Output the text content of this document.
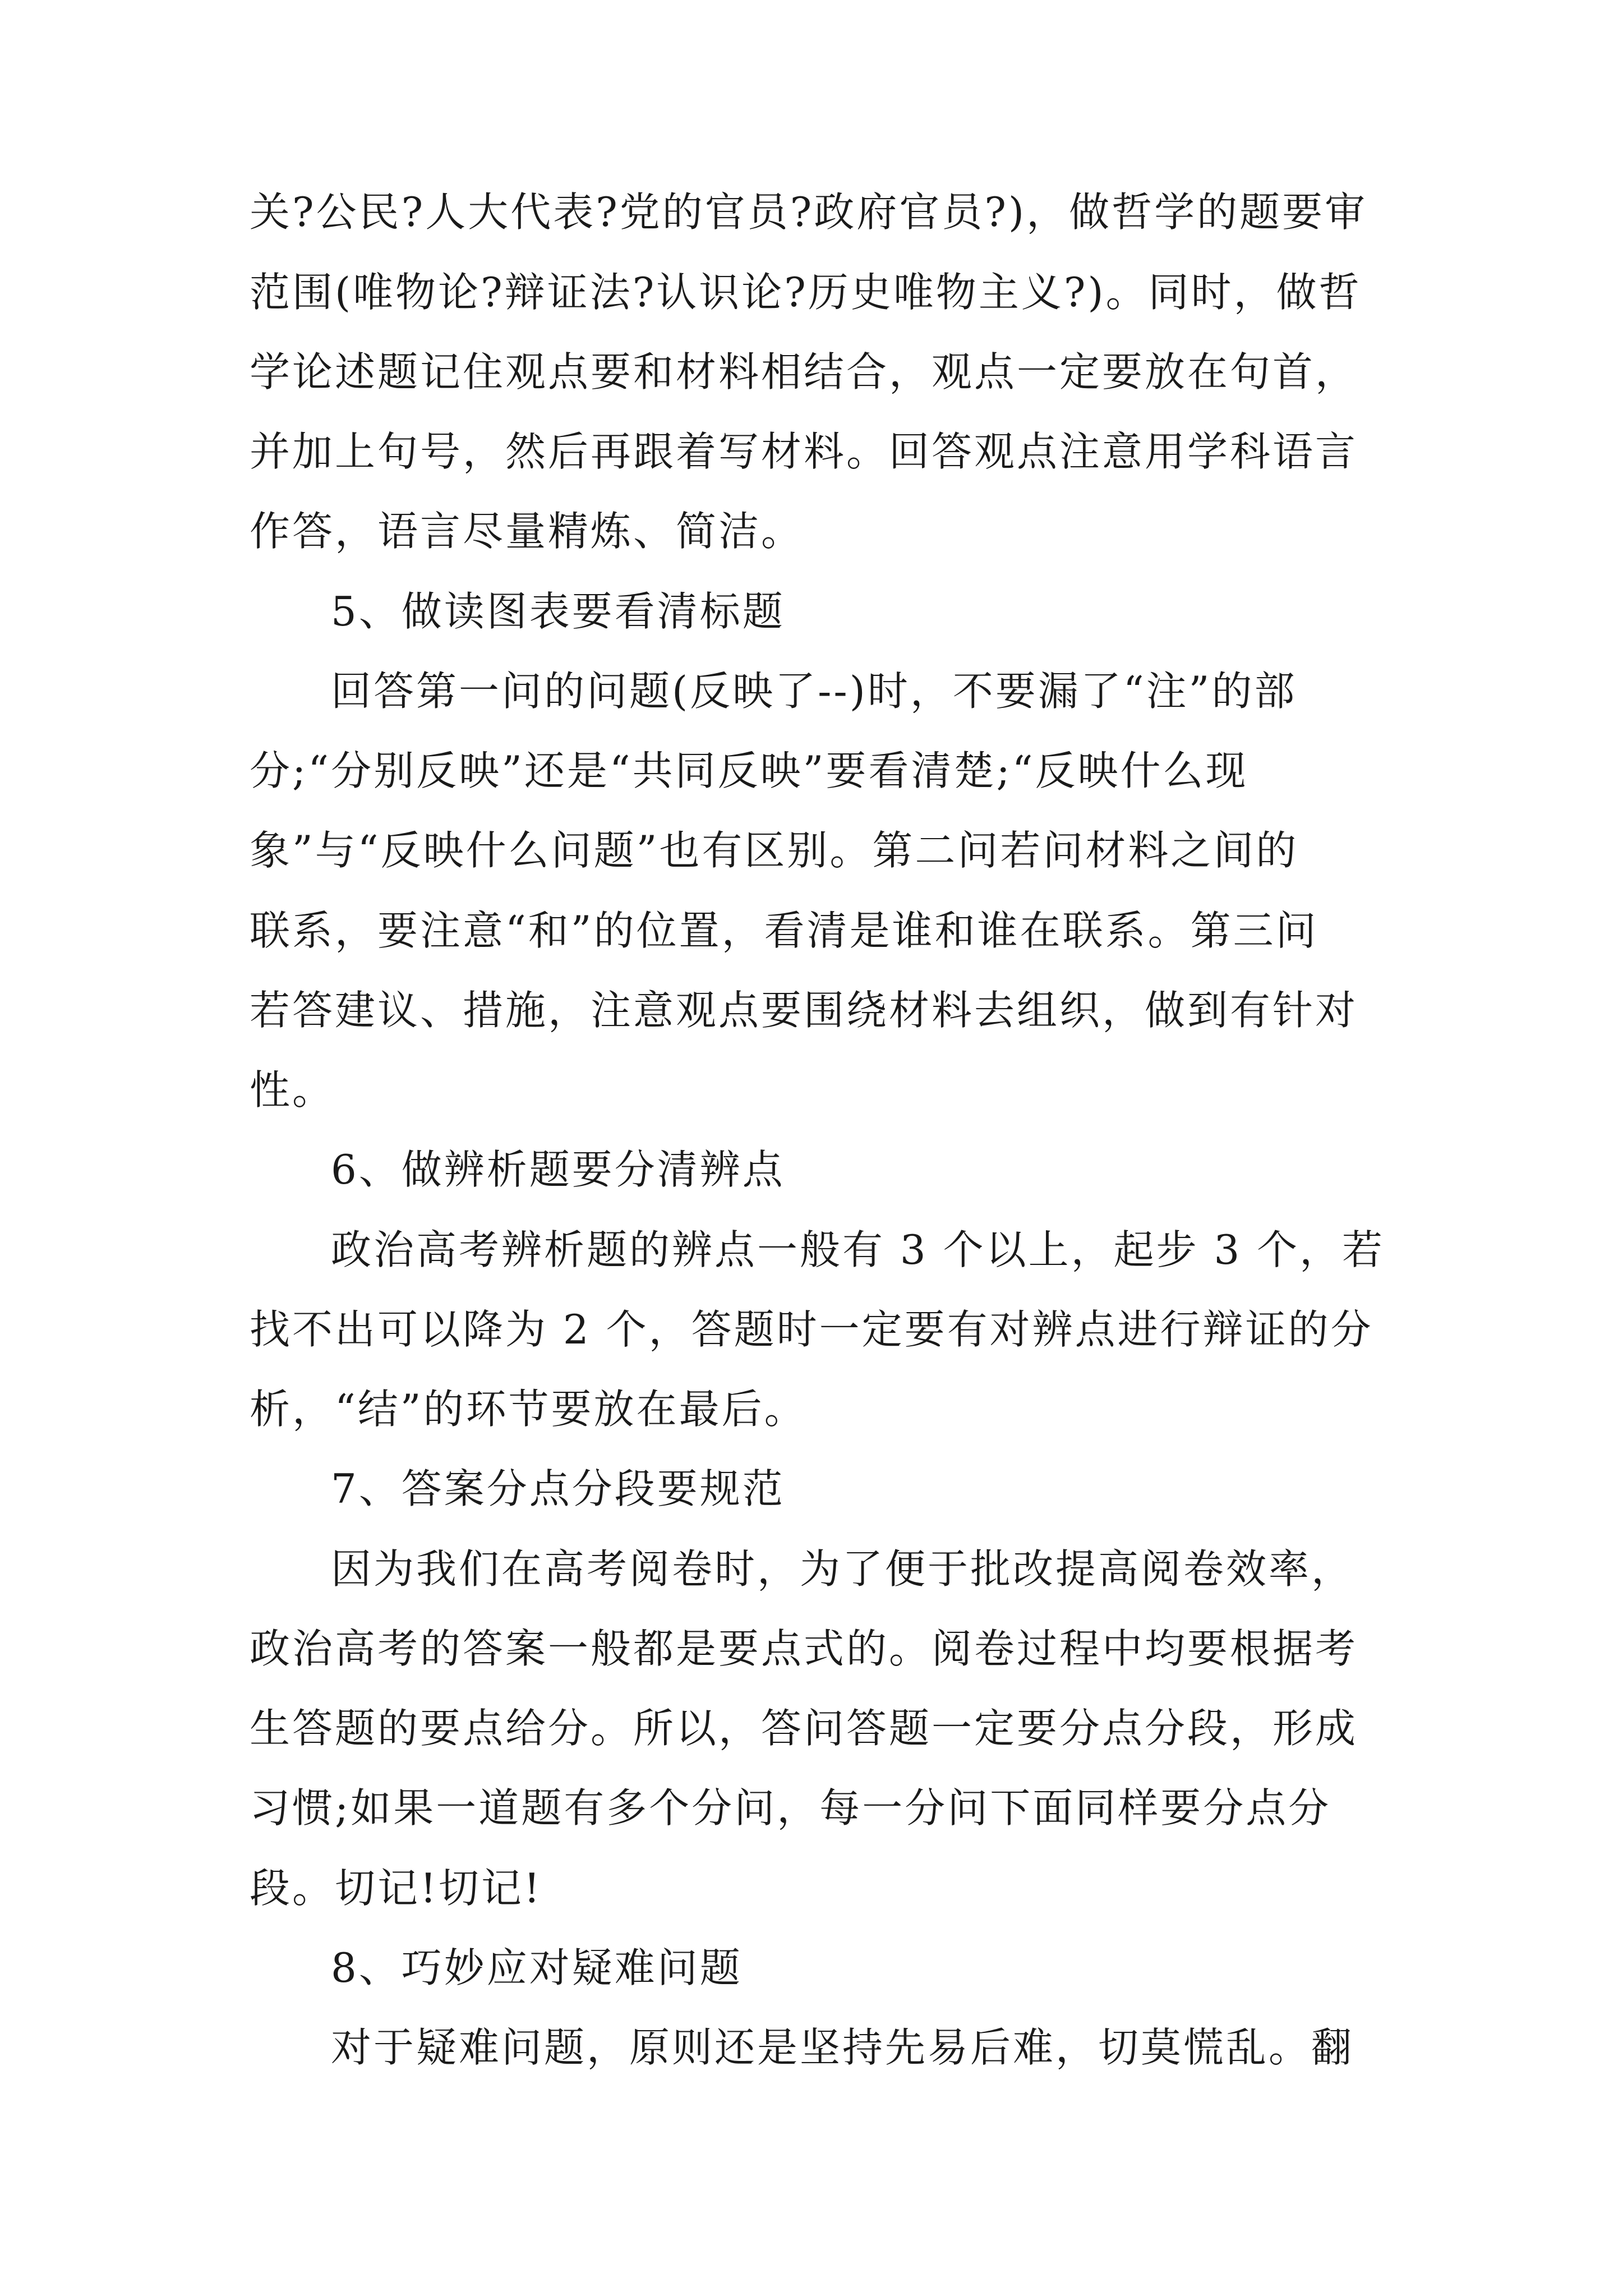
关?公民?人大代表?党的官员?政府官员?)，做哲学的题要审
范围(唯物论?辩证法?认识论?历史唯物主义?)。同时，做哲
学论述题记住观点要和材料相结合，观点一定要放在句首，
并加上句号，然后再跟着写材料。回答观点注意用学科语言
作答，语言尽量精炼、简洁。
5、做读图表要看清标题
回答第一问的问题(反映了--)时，不要漏了“注”的部
分;“分别反映”还是“共同反映”要看清楚;“反映什么现
象”与“反映什么问题”也有区别。第二问若问材料之间的
联系，要注意“和”的位置，看清是谁和谁在联系。第三问
若答建议、措施，注意观点要围绕材料去组织，做到有针对
性。
6、做辨析题要分清辨点
政治高考辨析题的辨点一般有 3 个以上，起步 3 个，若
找不出可以降为 2 个，答题时一定要有对辨点进行辩证的分
析，“结”的环节要放在最后。
7、答案分点分段要规范
因为我们在高考阅卷时，为了便于批改提高阅卷效率，
政治高考的答案一般都是要点式的。阅卷过程中均要根据考
生答题的要点给分。所以，答问答题一定要分点分段，形成
习惯;如果一道题有多个分问，每一分问下面同样要分点分
段。切记!切记!
8、巧妙应对疑难问题
对于疑难问题，原则还是坚持先易后难，切莫慌乱。翻
